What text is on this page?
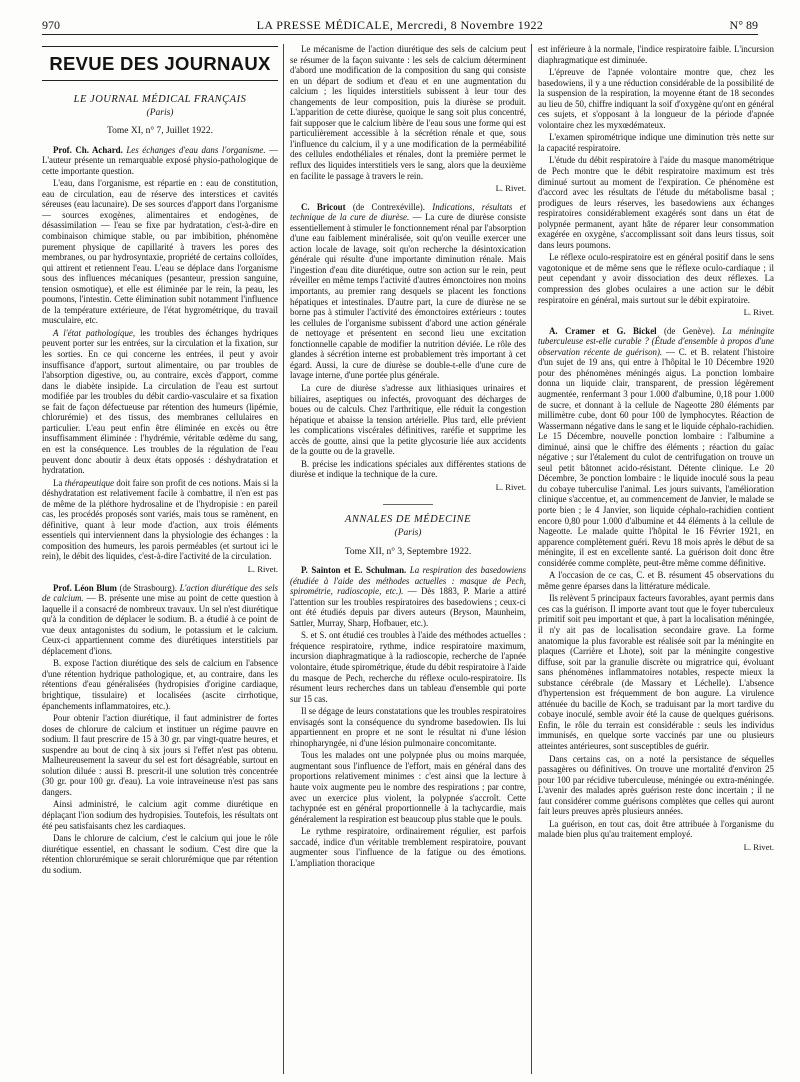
970	LA PRESSE MÉDICALE, Mercredi, 8 Novembre 1922	N° 89
REVUE DES JOURNAUX
LE JOURNAL MÉDICAL FRANÇAIS
(Paris)
Tome XI, n° 7, Juillet 1922.

Prof. Ch. Achard. Les échanges d'eau dans l'organisme. — L'auteur présente un remarquable exposé physio-pathologique de cette importante question.

L'eau, dans l'organisme, est répartie en : eau de constitution, eau de circulation, eau de réserve des interstices et cavités séreuses (eau lacunaire). De ses sources d'apport dans l'organisme — sources exogènes, alimentaires et endogènes, de désassimilation — l'eau se fixe par hydratation, c'est-à-dire en combinaison chimique stable, ou par imbibition, phénomène purement physique de capillarité à travers les pores des membranes, ou par hydrosyntaxie, propriété de certains colloïdes, qui attirent et retiennent l'eau. L'eau se déplace dans l'organisme sous des influences mécaniques (pesanteur, pression sanguine, tension osmotique), et elle est éliminée par le rein, la peau, les poumons, l'intestin. Cette élimination subit notamment l'influence de la température extérieure, de l'état hygrométrique, du travail musculaire, etc.

A l'état pathologique, les troubles des échanges hydriques peuvent porter sur les entrées, sur la circulation et la fixation, sur les sorties. En ce qui concerne les entrées, il peut y avoir insuffisance d'apport, surtout alimentaire, ou par troubles de l'absorption digestive, ou, au contraire, excès d'apport, comme dans le diabète insipide. La circulation de l'eau est surtout modifiée par les troubles du débit cardio-vasculaire et sa fixation se fait de façon défectueuse par rétention des humeurs (lipémie, chlorurémie) et des tissus, des membranes cellulaires en particulier. L'eau peut enfin être éliminée en excès ou être insuffisamment éliminée : l'hydrémie, véritable œdème du sang, en est la conséquence. Les troubles de la régulation de l'eau peuvent donc aboutir à deux états opposés : déshydratation et hydratation.

La thérapeutique doit faire son profit de ces notions. Mais si la déshydratation est relativement facile à combattre, il n'en est pas de même de la pléthore hydrosaline et de l'hydropisie : en pareil cas, les procédés proposés sont variés, mais tous se ramènent, en définitive, quant à leur mode d'action, aux trois éléments essentiels qui interviennent dans la physiologie des échanges : la composition des humeurs, les parois perméables (et surtout ici le rein), le débit des liquides, c'est-à-dire l'activité de la circulation.

L. Rivet.

Prof. Léon Blum (de Strasbourg). L'action diurétique des sels de calcium. — B. présente une mise au point de cette question à laquelle il a consacré de nombreux travaux. Un sel n'est diurétique qu'à la condition de déplacer le sodium. B. a étudié à ce point de vue deux antagonistes du sodium, le potassium et le calcium. Ceux-ci appartiennent comme des diurétiques interstitiels par déplacement d'ions.

B. expose l'action diurétique des sels de calcium en l'absence d'une rétention hydrique pathologique, et, au contraire, dans les rétentions d'eau généralisées (hydropisies d'origine cardiaque, brightique, tissulaire) et localisées (ascite cirrhotique, épanchements inflammatoires, etc.).

Pour obtenir l'action diurétique, il faut administrer de fortes doses de chlorure de calcium et instituer un régime pauvre en sodium. Il faut prescrire de 15 à 30 gr. par vingt-quatre heures, et suspendre au bout de cinq à six jours si l'effet n'est pas obtenu. Malheureusement la saveur du sel est fort désagréable, surtout en solution diluée : aussi B. prescrit-il une solution très concentrée (30 gr. pour 100 gr. d'eau). La voie intraveineuse n'est pas sans dangers.

Ainsi administré, le calcium agit comme diurétique en déplaçant l'ion sodium des hydropisies. Toutefois, les résultats ont été peu satisfaisants chez les cardiaques.

Dans le chlorure de calcium, c'est le calcium qui joue le rôle diurétique essentiel, en chassant le sodium. C'est dire que la rétention chlorurémique se serait chlorurémique que par rétention du sodium.

Le mécanisme de l'action diurétique des sels de calcium peut se résumer de la façon suivante : les sels de calcium déterminent d'abord une modification de la composition du sang qui consiste en un départ de sodium et d'eau et en une augmentation du calcium ; les liquides interstitiels subissent à leur tour des changements de leur composition, puis la diurèse se produit. L'apparition de cette diurèse, quoique le sang soit plus concentré, fait supposer que le calcium libère de l'eau sous une forme qui est particulièrement accessible à la sécrétion rénale et que, sous l'influence du calcium, il y a une modification de la perméabilité des cellules endothéliales et rénales, dont la première permet le reflux des liquides interstitiels vers le sang, alors que la deuxième en facilite le passage à travers le rein.

L. Rivet.

C. Bricout (de Contrexéville). Indications, résultats et technique de la cure de diurèse. — La cure de diurèse consiste essentiellement à stimuler le fonctionnement rénal par l'absorption d'une eau faiblement minéralisée, soit qu'on veuille exercer une action locale de lavage, soit qu'on recherche la désintoxication générale qui résulte d'une importante diminution rénale. Mais l'ingestion d'eau dite diurétique, outre son action sur le rein, peut réveiller en même temps l'activité d'autres émonctoires non moins importants, au premier rang desquels se placent les fonctions hépatiques et intestinales. D'autre part, la cure de diurèse ne se borne pas à stimuler l'activité des émonctoires extérieurs : toutes les cellules de l'organisme subissent d'abord une action générale de nettoyage et présentent en second lieu une excitation fonctionnelle capable de modifier la nutrition déviée. Le rôle des glandes à sécrétion interne est probablement très important à cet égard. Aussi, la cure de diurèse se double-t-elle d'une cure de lavage interne, d'une portée plus générale.

La cure de diurèse s'adresse aux lithiasiques urinaires et biliaires, aseptiques ou infectés, provoquant des décharges de boues ou de calculs. Chez l'arthritique, elle réduit la congestion hépatique et abaisse la tension artérielle. Plus tard, elle prévient les complications viscérales définitives, raréfie et supprime les accès de goutte, ainsi que la petite glycosurie liée aux accidents de la goutte ou de la gravelle.

B. précise les indications spéciales aux différentes stations de diurèse et indique la technique de la cure.

L. Rivet.
ANNALES DE MÉDECINE
(Paris)
Tome XII, n° 3, Septembre 1922.

P. Sainton et E. Schulman. La respiration des basedowiens (étudiée à l'aide des méthodes actuelles : masque de Pech, spirométrie, radioscopie, etc.). — Dès 1883, P. Marie a attiré l'attention sur les troubles respiratoires des basedowiens ; ceux-ci ont été étudiés depuis par divers auteurs (Bryson, Maunheim, Sattler, Murray, Sharp, Hofbauer, etc.).

S. et S. ont étudié ces troubles à l'aide des méthodes actuelles : fréquence respiratoire, rythme, indice respiratoire maximum, incursion diaphragmatique à la radioscopie, recherche de l'apnée volontaire, étude spirométrique, étude du débit respiratoire à l'aide du masque de Pech, recherche du réflexe oculo-respiratoire. Ils résument leurs recherches dans un tableau d'ensemble qui porte sur 15 cas.

Il se dégage de leurs constatations que les troubles respiratoires envisagés sont la conséquence du syndrome basedowien. Ils lui appartiennent en propre et ne sont le résultat ni d'une lésion rhinopharyngée, ni d'une lésion pulmonaire concomitante.

Tous les malades ont une polypnée plus ou moins marquée, augmentant sous l'influence de l'effort, mais en général dans des proportions relativement minimes : c'est ainsi que la lecture à haute voix augmente peu le nombre des respirations ; par contre, avec un exercice plus violent, la polypnée s'accroît. Cette tachypnée est en général proportionnelle à la tachycardie, mais généralement la respiration est beaucoup plus stable que le pouls.

Le rythme respiratoire, ordinairement régulier, est parfois saccadé, indice d'un véritable tremblement respiratoire, pouvant augmenter sous l'influence de la fatigue ou des émotions. L'ampliation thoracique

est inférieure à la normale, l'indice respiratoire faible. L'incursion diaphragmatique est diminuée.

L'épreuve de l'apnée volontaire montre que, chez les basedowiens, il y a une réduction considérable de la possibilité de la suspension de la respiration, la moyenne étant de 18 secondes au lieu de 50, chiffre indiquant la soif d'oxygène qu'ont en général ces sujets, et s'opposant à la longueur de la période d'apnée volontaire chez les myxœdémateux.

L'examen spirométrique indique une diminution très nette sur la capacité respiratoire.

L'étude du débit respiratoire à l'aide du masque manométrique de Pech montre que le débit respiratoire maximum est très diminué surtout au moment de l'expiration. Ce phénomène est d'accord avec les résultats de l'étude du métabolisme basal ; prodigues de leurs réserves, les basedowiens aux échanges respiratoires considérablement exagérés sont dans un état de polypnée permanent, ayant hâte de réparer leur consommation exagérée en oxygène, s'accomplissant soit dans leurs tissus, soit dans leurs poumons.

Le réflexe oculo-respiratoire est en général positif dans le sens vagotonique et de même sens que le réflexe oculo-cardiaque ; il peut cependant y avoir dissociation des deux réflexes. La compression des globes oculaires a une action sur le débit respiratoire en général, mais surtout sur le débit expiratoire.

L. Rivet.

A. Cramer et G. Bickel (de Genève). La méningite tuberculeuse est-elle curable ? (Étude d'ensemble à propos d'une observation récente de guérison). — C. et B. relatent l'histoire d'un sujet de 19 ans, qui entre à l'hôpital le 10 Décembre 1920 pour des phénomènes méningés aigus. La ponction lombaire donna un liquide clair, transparent, de pression légèrement augmentée, renfermant 3 pour 1.000 d'albumine, 0,18 pour 1.000 de sucre, et donnant à la cellule de Nageotte 280 éléments par millimètre cube, dont 60 pour 100 de lymphocytes. Réaction de Wassermann négative dans le sang et le liquide céphalo-rachidien. Le 15 Décembre, nouvelle ponction lombaire : l'albumine a diminué, ainsi que le chiffre des éléments ; réaction du gaïac négative ; sur l'étalement du culot de centrifugation on trouve un seul petit bâtonnet acido-résistant. Détente clinique. Le 20 Décembre, 3e ponction lombaire : le liquide inoculé sous la peau du cobaye tuberculise l'animal. Les jours suivants, l'amélioration clinique s'accentue, et, au commencement de Janvier, le malade se porte bien ; le 4 Janvier, son liquide céphalo-rachidien contient encore 0,80 pour 1.000 d'albumine et 44 éléments à la cellule de Nageotte. Le malade quitte l'hôpital le 16 Février 1921, en apparence complètement guéri. Revu 18 mois après le début de sa méningite, il est en excellente santé. La guérison doit donc être considérée comme complète, peut-être même comme définitive.

A l'occasion de ce cas, C. et B. résument 45 observations du même genre éparses dans la littérature médicale.

Ils relèvent 5 principaux facteurs favorables, ayant permis dans ces cas la guérison. Il importe avant tout que le foyer tuberculeux primitif soit peu important et que, à part la localisation méningée, il n'y ait pas de localisation secondaire grave. La forme anatomique la plus favorable est réalisée soit par la méningite en plaques (Carrière et Lhote), soit par la méningite congestive diffuse, soit par la granulie discrète ou migratrice qui, évoluant sans phénomènes inflammatoires notables, respecte mieux la substance cérébrale (de Massary et Léchelle). L'absence d'hypertension est fréquemment de bon augure. La virulence atténuée du bacille de Koch, se traduisant par la mort tardive du cobaye inoculé, semble avoir été la cause de quelques guérisons. Enfin, le rôle du terrain est considérable : seuls les individus immunisés, en quelque sorte vaccinés par une ou plusieurs atteintes antérieures, sont susceptibles de guérir.

Dans certains cas, on a noté la persistance de séquelles passagères ou définitives. On trouve une mortalité d'environ 25 pour 100 par récidive tuberculeuse, méningée ou extra-méningée. L'avenir des malades après guérison reste donc incertain ; il ne faut considérer comme guérisons complètes que celles qui auront fait leurs preuves après plusieurs années.

La guérison, en tout cas, doit être attribuée à l'organisme du malade bien plus qu'au traitement employé.

L. Rivet.
